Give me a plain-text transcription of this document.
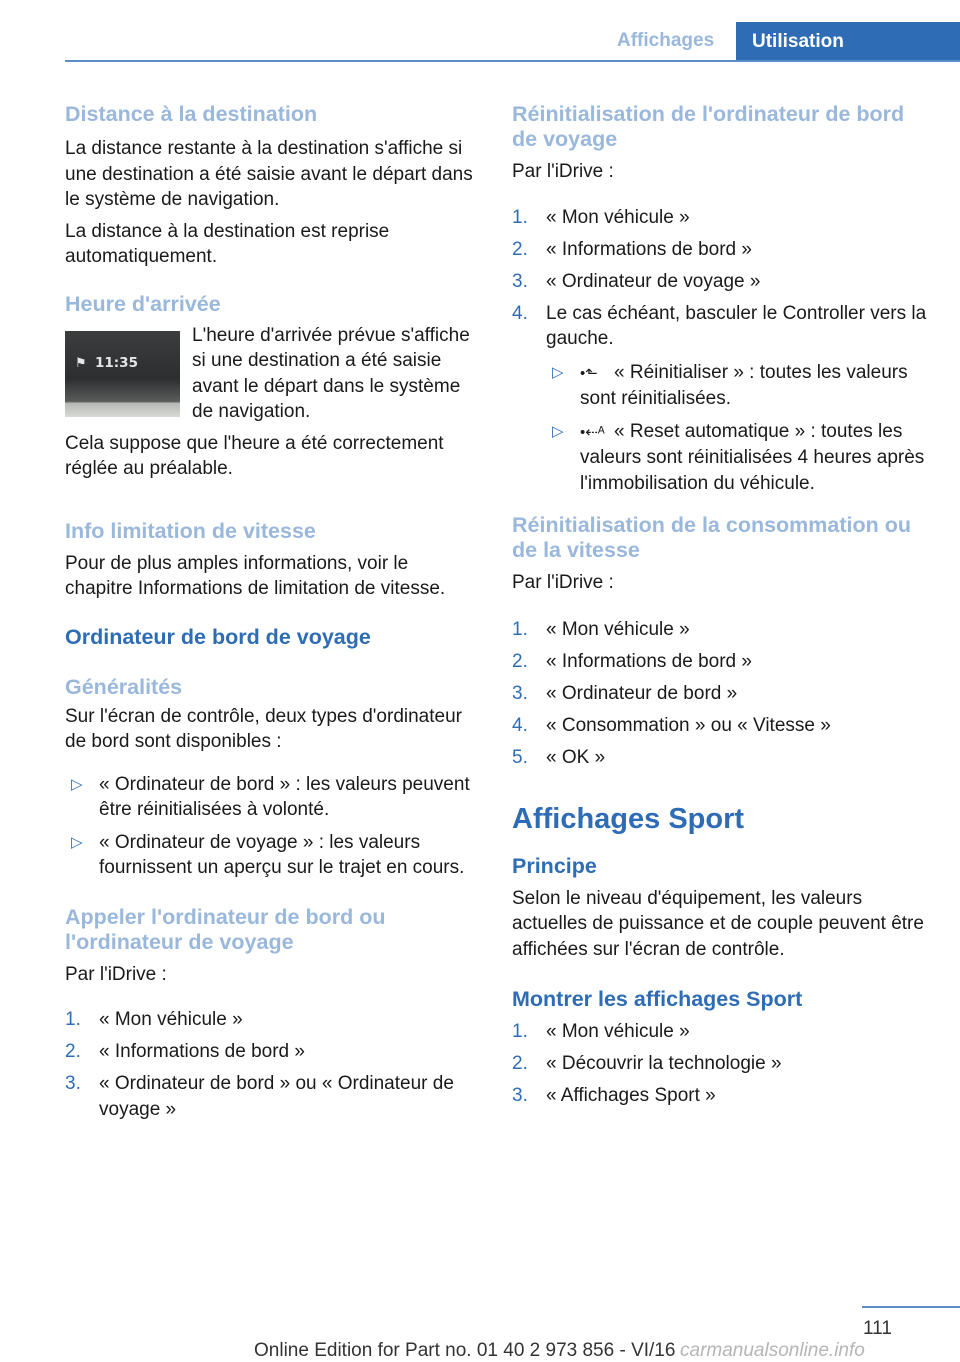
Affichages	Utilisation
Distance à la destination

La distance restante à la destination s'affiche si une destination a été saisie avant le départ dans le système de navigation.

La distance à la destination est reprise automatiquement.

Heure d'arrivée
⚑ 11:35

L'heure d'arrivée prévue s'affiche si une destination a été saisie avant le départ dans le système de navigation.

Cela suppose que l'heure a été correctement réglée au préalable.

Info limitation de vitesse

Pour de plus amples informations, voir le chapitre Informations de limitation de vitesse.

Ordinateur de bord de voyage
Généralités

Sur l'écran de contrôle, deux types d'ordinateur de bord sont disponibles :

▷ « Ordinateur de bord » : les valeurs peuvent être réinitialisées à volonté.
▷ « Ordinateur de voyage » : les valeurs fournissent un aperçu sur le trajet en cours.
Appeler l'ordinateur de bord ou l'ordinateur de voyage

Par l'iDrive :

1. « Mon véhicule »
2. « Informations de bord »
3. « Ordinateur de bord » ou « Ordinateur de voyage »
Réinitialisation de l'ordinateur de bord de voyage

Par l'iDrive :

1. « Mon véhicule »
2. « Informations de bord »
3. « Ordinateur de voyage »
4. Le cas échéant, basculer le Controller vers la gauche.
▷ •⬑ « Réinitialiser » : toutes les valeurs sont réinitialisées.
▷ •⇠ᴬ « Reset automatique » : toutes les valeurs sont réinitialisées 4 heures après l'immobilisation du véhicule.
Réinitialisation de la consommation ou de la vitesse

Par l'iDrive :

1. « Mon véhicule »
2. « Informations de bord »
3. « Ordinateur de bord »
4. « Consommation » ou « Vitesse »
5. « OK »
Affichages Sport
Principe

Selon le niveau d'équipement, les valeurs actuelles de puissance et de couple peuvent être affichées sur l'écran de contrôle.

Montrer les affichages Sport
1. « Mon véhicule »
2. « Découvrir la technologie »
3. « Affichages Sport »
111
Online Edition for Part no. 01 40 2 973 856 - VI/16 carmanualsonline.info
